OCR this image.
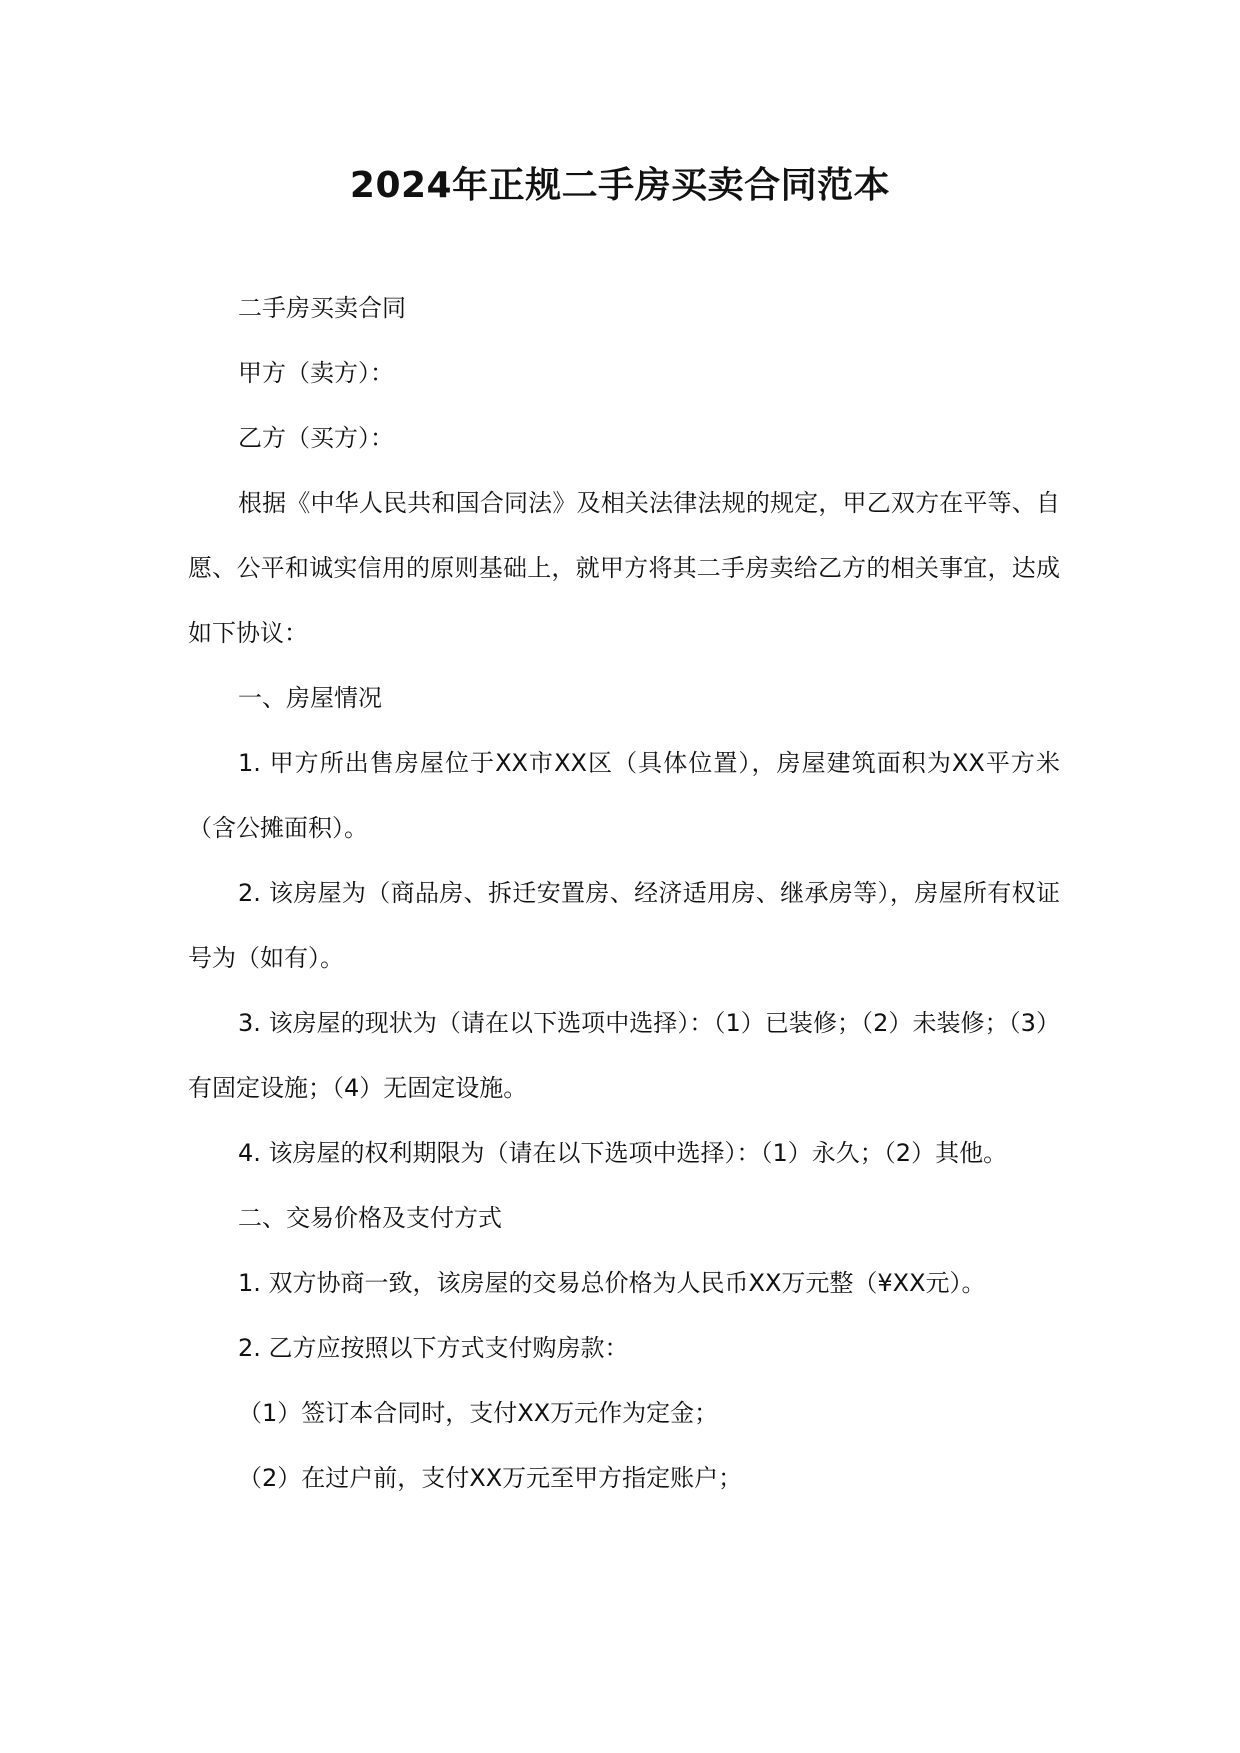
2024年正规二手房买卖合同范本

二手房买卖合同

甲方（卖方）：

乙方（买方）：

根据《中华人民共和国合同法》及相关法律法规的规定，甲乙双方在平等、自愿、公平和诚实信用的原则基础上，就甲方将其二手房卖给乙方的相关事宜，达成如下协议：

一、房屋情况

1. 甲方所出售房屋位于XX市XX区（具体位置），房屋建筑面积为XX平方米（含公摊面积）。

2. 该房屋为（商品房、拆迁安置房、经济适用房、继承房等），房屋所有权证号为（如有）。

3. 该房屋的现状为（请在以下选项中选择）：（1）已装修；（2）未装修；（3）有固定设施；（4）无固定设施。

4. 该房屋的权利期限为（请在以下选项中选择）：（1）永久；（2）其他。

二、交易价格及支付方式

1. 双方协商一致，该房屋的交易总价格为人民币XX万元整（¥XX元）。

2. 乙方应按照以下方式支付购房款：

（1）签订本合同时，支付XX万元作为定金；

（2）在过户前，支付XX万元至甲方指定账户；
